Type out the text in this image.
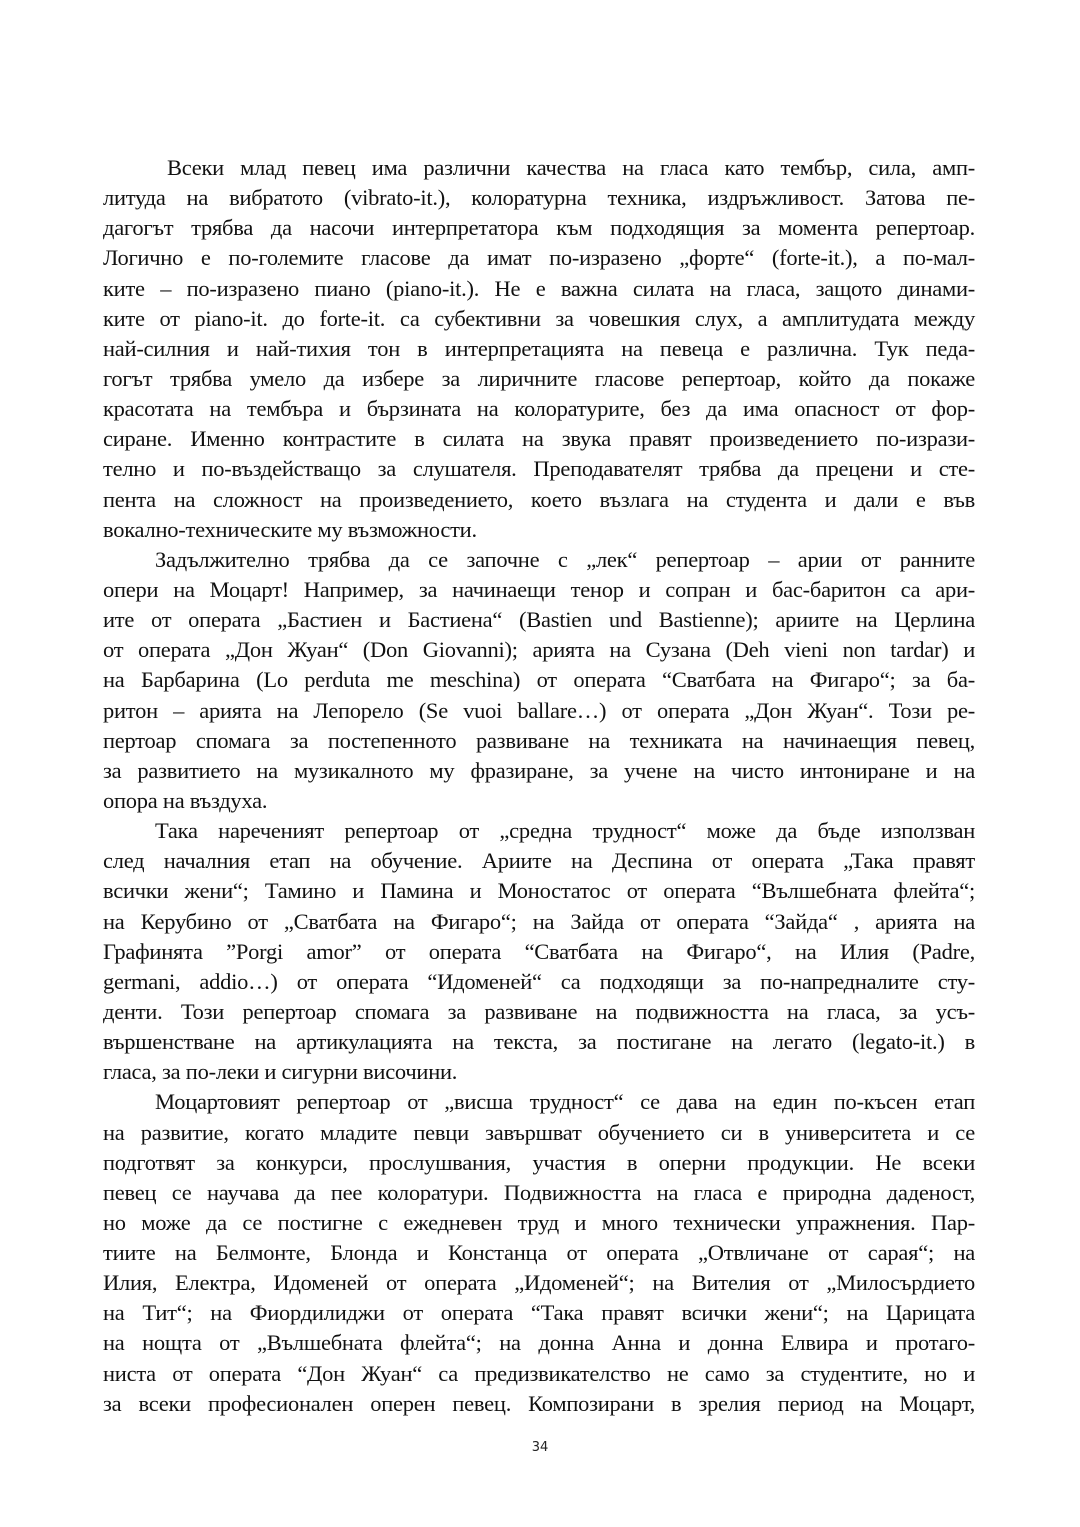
Всеки млад певец има различни качества на гласа като тембър, сила, амп-
литуда на вибратото (vibrato-it.), колоратурна техника, издръжливост. Затова пе-
дагогът трябва да насочи интерпретатора към подходящия за момента репертоар.
Логично е по-големите гласове да имат по-изразено „форте“ (forte-it.), а по-мал-
ките – по-изразено пиано (piano-it.). Не е важна силата на гласа, защото динами-
ките от piano-it. до forte-it. са субективни за човешкия слух, а амплитудата между
най-силния и най-тихия тон в интерпретацията на певеца е различна. Тук педа-
гогът трябва умело да избере за лиричните гласове репертоар, който да покаже
красотата на тембъра и бързината на колоратурите, без да има опасност от фор-
сиране. Именно контрастите в силата на звука правят произведението по-изрази-
телно и по-въздействащо за слушателя. Преподавателят трябва да прецени и сте-
пента на сложност на произведението, което възлага на студента и дали е във
вокално-техническите му възможности.
Задължително трябва да се започне с „лек“ репертоар – арии от ранните
опери на Моцарт! Например, за начинаещи тенор и сопран и бас-баритон са ари-
ите от операта „Бастиен и Бастиена“ (Bastien und Bastienne); ариите на Церлина
от операта „Дон Жуан“ (Don Giovanni); арията на Сузана (Deh vieni non tardar) и
на Барбарина (Lo perduta me meschina) от операта “Сватбата на Фигаро“; за ба-
ритон – арията на Лепорело (Se vuoi ballare…) от операта „Дон Жуан“. Този ре-
пертоар спомага за постепенното развиване на техниката на начинаещия певец,
за развитието на музикалното му фразиране, за учене на чисто интониране и на
опора на въздуха.
Така нареченият репертоар от „средна трудност“ може да бъде използван
след началния етап на обучение. Ариите на Деспина от операта „Така правят
всички жени“; Тамино и Памина и Моностатос от операта “Вълшебната флейта“;
на Керубино от „Сватбата на Фигаро“; на Зайда от операта “Зайда“ , арията на
Графинята ”Porgi amor” от операта “Сватбата на Фигаро“, на Илия (Padre,
germani, addio…) от операта “Идоменей“ са подходящи за по-напредналите сту-
денти. Този репертоар спомага за развиване на подвижността на гласа, за усъ-
вършенстване на артикулацията на текста, за постигане на легато (legato-it.) в
гласа, за по-леки и сигурни височини.
Моцартовият репертоар от „висша трудност“ се дава на един по-късен етап
на развитие, когато младите певци завършват обучението си в университета и се
подготвят за конкурси, прослушвания, участия в оперни продукции. Не всеки
певец се научава да пее колоратури. Подвижността на гласа е природна даденост,
но може да се постигне с ежедневен труд и много технически упражнения. Пар-
тиите на Белмонте, Блонда и Констанца от операта „Отвличане от сарая“; на
Илия, Електра, Идоменей от операта „Идоменей“; на Вителия от „Милосърдието
на Тит“; на Фиордилиджи от операта “Така правят всички жени“; на Царицата
на нощта от „Вълшебната флейта“; на донна Анна и донна Елвира и протаго-
ниста от операта “Дон Жуан“ са предизвикателство не само за студентите, но и
за всеки професионален оперен певец. Композирани в зрелия период на Моцарт,
34
